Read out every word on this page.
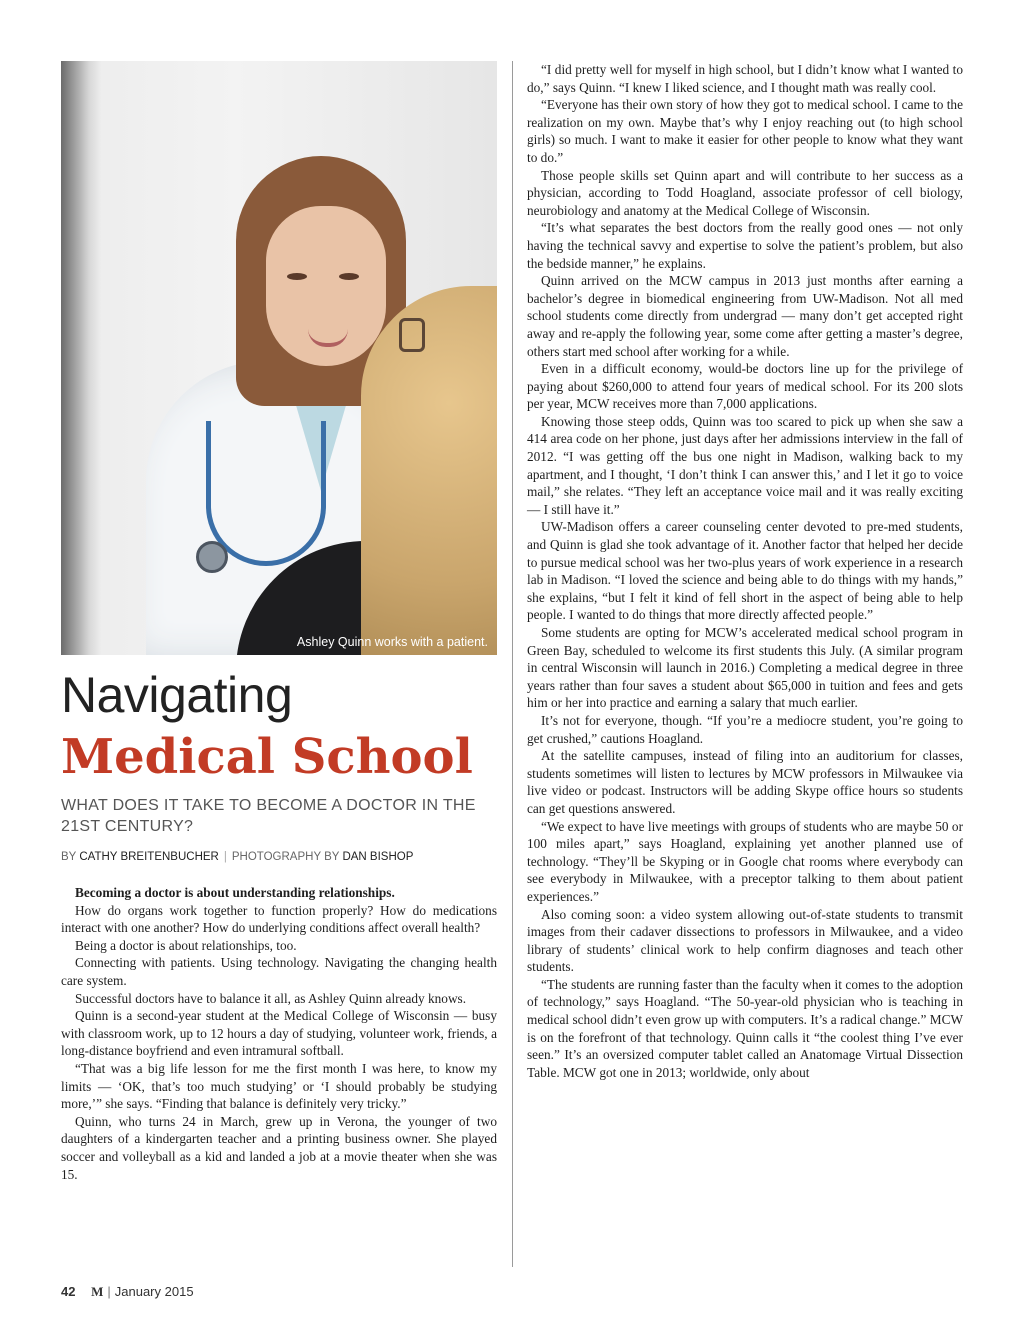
Ashley Quinn works with a patient.
Navigating
Medical School
WHAT DOES IT TAKE TO BECOME A DOCTOR IN THE 21ST CENTURY?
BY CATHY BREITENBUCHER | PHOTOGRAPHY BY DAN BISHOP

Becoming a doctor is about understanding relationships.

How do organs work together to function properly? How do medications interact with one another? How do underlying conditions affect overall health?

Being a doctor is about relationships, too.

Connecting with patients. Using technology. Navigating the changing health care system.

Successful doctors have to balance it all, as Ashley Quinn already knows.

Quinn is a second-year student at the Medical College of Wisconsin — busy with classroom work, up to 12 hours a day of studying, volunteer work, friends, a long-distance boyfriend and even intramural softball.

“That was a big life lesson for me the first month I was here, to know my limits — ‘OK, that’s too much studying’ or ‘I should probably be studying more,’” she says. “Finding that balance is definitely very tricky.”

Quinn, who turns 24 in March, grew up in Verona, the younger of two daughters of a kindergarten teacher and a printing business owner. She played soccer and volleyball as a kid and landed a job at a movie theater when she was 15.

“I did pretty well for myself in high school, but I didn’t know what I wanted to do,” says Quinn. “I knew I liked science, and I thought math was really cool.

“Everyone has their own story of how they got to medical school. I came to the realization on my own. Maybe that’s why I enjoy reaching out (to high school girls) so much. I want to make it easier for other people to know what they want to do.”

Those people skills set Quinn apart and will contribute to her success as a physician, according to Todd Hoagland, associate professor of cell biology, neurobiology and anatomy at the Medical College of Wisconsin.

“It’s what separates the best doctors from the really good ones — not only having the technical savvy and expertise to solve the patient’s problem, but also the bedside manner,” he explains.

Quinn arrived on the MCW campus in 2013 just months after earning a bachelor’s degree in biomedical engineering from UW-Madison. Not all med school students come directly from undergrad — many don’t get accepted right away and re-apply the following year, some come after getting a master’s degree, others start med school after working for a while.

Even in a difficult economy, would-be doctors line up for the privilege of paying about $260,000 to attend four years of medical school. For its 200 slots per year, MCW receives more than 7,000 applications.

Knowing those steep odds, Quinn was too scared to pick up when she saw a 414 area code on her phone, just days after her admissions interview in the fall of 2012. “I was getting off the bus one night in Madison, walking back to my apartment, and I thought, ‘I don’t think I can answer this,’ and I let it go to voice mail,” she relates. “They left an acceptance voice mail and it was really exciting — I still have it.”

UW-Madison offers a career counseling center devoted to pre-med students, and Quinn is glad she took advantage of it. Another factor that helped her decide to pursue medical school was her two-plus years of work experience in a research lab in Madison. “I loved the science and being able to do things with my hands,” she explains, “but I felt it kind of fell short in the aspect of being able to help people. I wanted to do things that more directly affected people.”

Some students are opting for MCW’s accelerated medical school program in Green Bay, scheduled to welcome its first students this July. (A similar program in central Wisconsin will launch in 2016.) Completing a medical degree in three years rather than four saves a student about $65,000 in tuition and fees and gets him or her into practice and earning a salary that much earlier.

It’s not for everyone, though. “If you’re a mediocre student, you’re going to get crushed,” cautions Hoagland.

At the satellite campuses, instead of filing into an auditorium for classes, students sometimes will listen to lectures by MCW professors in Milwaukee via live video or podcast. Instructors will be adding Skype office hours so students can get questions answered.

“We expect to have live meetings with groups of students who are maybe 50 or 100 miles apart,” says Hoagland, explaining yet another planned use of technology. “They’ll be Skyping or in Google chat rooms where everybody can see everybody in Milwaukee, with a preceptor talking to them about patient experiences.”

Also coming soon: a video system allowing out-of-state students to transmit images from their cadaver dissections to professors in Milwaukee, and a video library of students’ clinical work to help confirm diagnoses and teach other students.

“The students are running faster than the faculty when it comes to the adoption of technology,” says Hoagland. “The 50-year-old physician who is teaching in medical school didn’t even grow up with computers. It’s a radical change.” MCW is on the forefront of that technology. Quinn calls it “the coolest thing I’ve ever seen.” It’s an oversized computer tablet called an Anatomage Virtual Dissection Table. MCW got one in 2013; worldwide, only about

42 M | January 2015
